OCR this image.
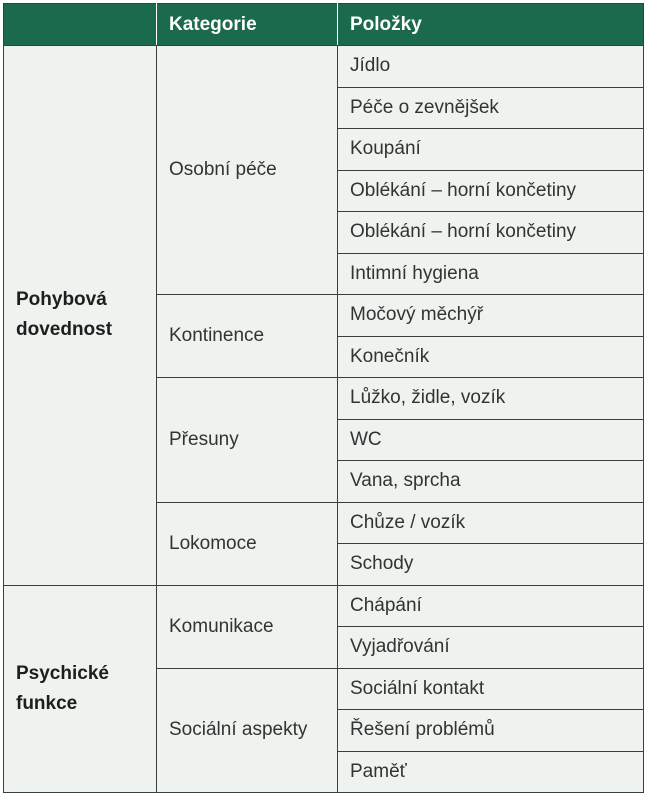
	Kategorie	Položky
Pohybová dovednost	Osobní péče	Jídlo
		Péče o zevnějšek
		Koupání
		Oblékání – horní končetiny
		Oblékání – horní končetiny
		Intimní hygiena
	Kontinence	Močový měchýř
		Konečník
	Přesuny	Lůžko, židle, vozík
		WC
		Vana, sprcha
	Lokomoce	Chůze / vozík
		Schody
Psychické funkce	Komunikace	Chápání
		Vyjadřování
	Sociální aspekty	Sociální kontakt
		Řešení problémů
		Paměť
